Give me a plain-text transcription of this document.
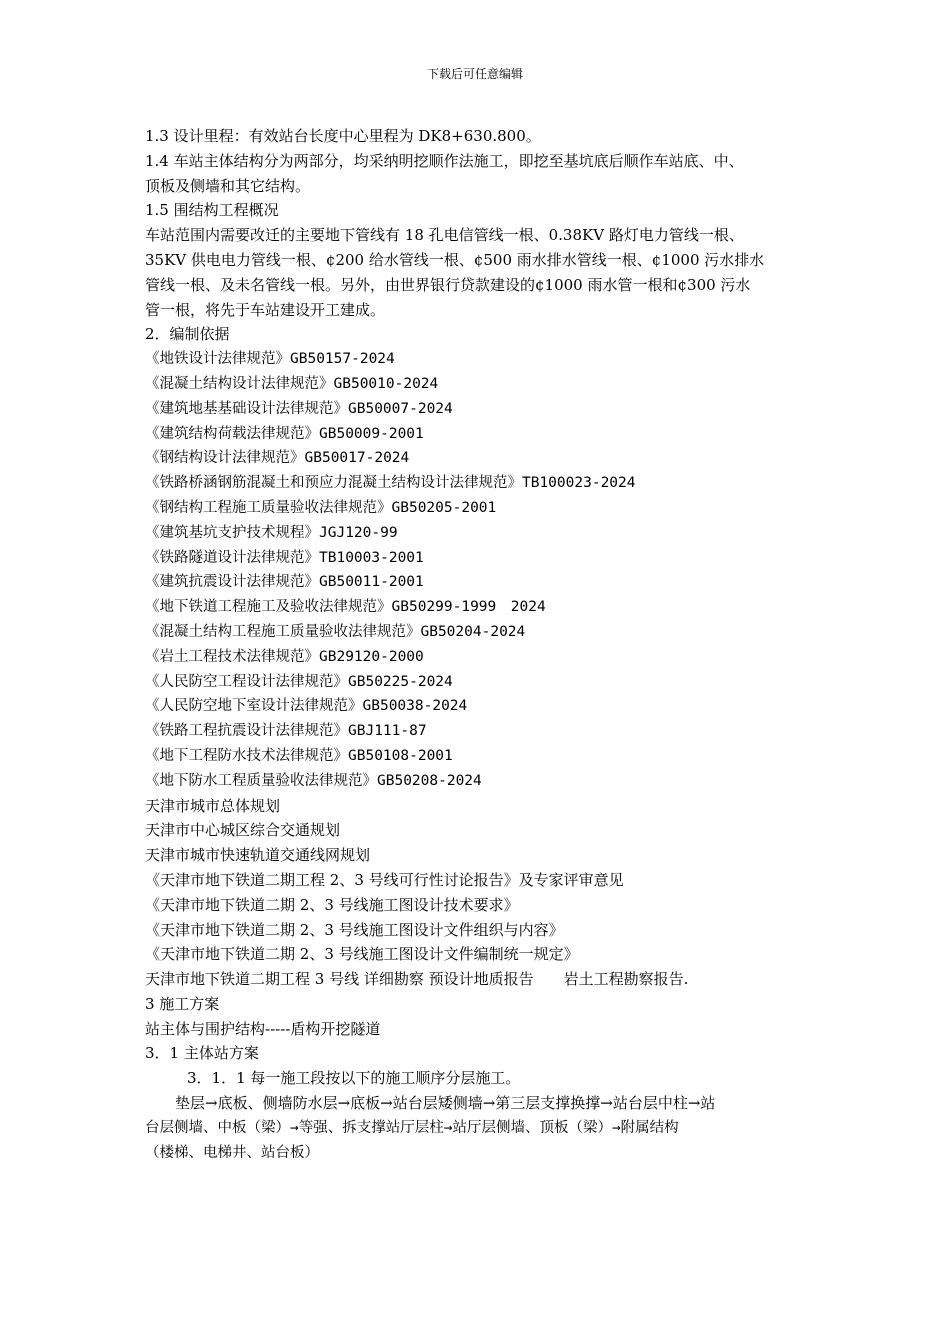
下载后可任意编辑
1.3 设计里程：有效站台长度中心里程为 DK8+630.800。
1.4 车站主体结构分为两部分，均采纳明挖顺作法施工，即挖至基坑底后顺作车站底、中、
顶板及侧墙和其它结构。
1.5 围结构工程概况
车站范围内需要改迁的主要地下管线有 18 孔电信管线一根、0.38KV 路灯电力管线一根、
35KV 供电电力管线一根、¢200 给水管线一根、¢500 雨水排水管线一根、¢1000 污水排水
管线一根、及未名管线一根。另外，由世界银行贷款建设的¢1000 雨水管一根和¢300 污水
管一根，将先于车站建设开工建成。
2．编制依据
《地铁设计法律规范》GB50157-2024
《混凝土结构设计法律规范》GB50010-2024
《建筑地基基础设计法律规范》GB50007-2024
《建筑结构荷载法律规范》GB50009-2001
《钢结构设计法律规范》GB50017-2024
《铁路桥涵钢筋混凝土和预应力混凝土结构设计法律规范》TB100023-2024
《钢结构工程施工质量验收法律规范》GB50205-2001
《建筑基坑支护技术规程》JGJ120-99
《铁路隧道设计法律规范》TB10003-2001
《建筑抗震设计法律规范》GB50011-2001
《地下铁道工程施工及验收法律规范》GB50299-1999　2024
《混凝土结构工程施工质量验收法律规范》GB50204-2024
《岩土工程技术法律规范》GB29120-2000
《人民防空工程设计法律规范》GB50225-2024
《人民防空地下室设计法律规范》GB50038-2024
《铁路工程抗震设计法律规范》GBJ111-87
《地下工程防水技术法律规范》GB50108-2001
《地下防水工程质量验收法律规范》GB50208-2024
天津市城市总体规划
天津市中心城区综合交通规划
天津市城市快速轨道交通线网规划
《天津市地下铁道二期工程 2、3 号线可行性讨论报告》及专家评审意见
《天津市地下铁道二期 2、3 号线施工图设计技术要求》
《天津市地下铁道二期 2、3 号线施工图设计文件组织与内容》
《天津市地下铁道二期 2、3 号线施工图设计文件编制统一规定》
天津市地下铁道二期工程 3 号线 详细勘察 预设计地质报告　　岩土工程勘察报告.
3 施工方案
站主体与围护结构-----盾构开挖隧道
3．1 主体站方案
3．1．1 每一施工段按以下的施工顺序分层施工。
垫层→底板、侧墙防水层→底板→站台层矮侧墙→第三层支撑换撑→站台层中柱→站
台层侧墙、中板（梁）→等强、拆支撑站厅层柱→站厅层侧墙、顶板（梁）→附属结构
（楼梯、电梯井、站台板）
